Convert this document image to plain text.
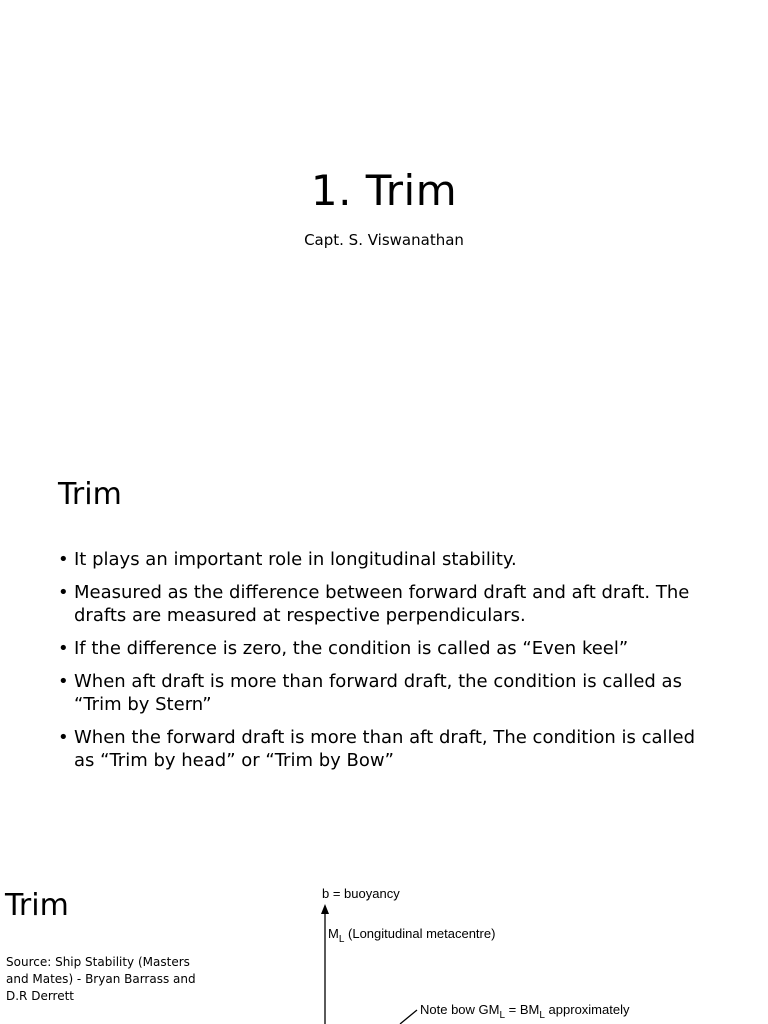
1. Trim
Capt. S. Viswanathan
Trim
• It plays an important role in longitudinal stability.
• Measured as the difference between forward draft and aft draft. The drafts are measured at respective perpendiculars.
• If the difference is zero, the condition is called as “Even keel”
• When aft draft is more than forward draft, the condition is called as “Trim by Stern”
• When the forward draft is more than aft draft, The condition is called as “Trim by head” or “Trim by Bow”
Trim
Source: Ship Stability (Masters and Mates) - Bryan Barrass and D.R Derrett
b = buoyancy
$M_L$ (Longitudinal metacentre)
Note bow $GM_L = BM_L$ approximately
